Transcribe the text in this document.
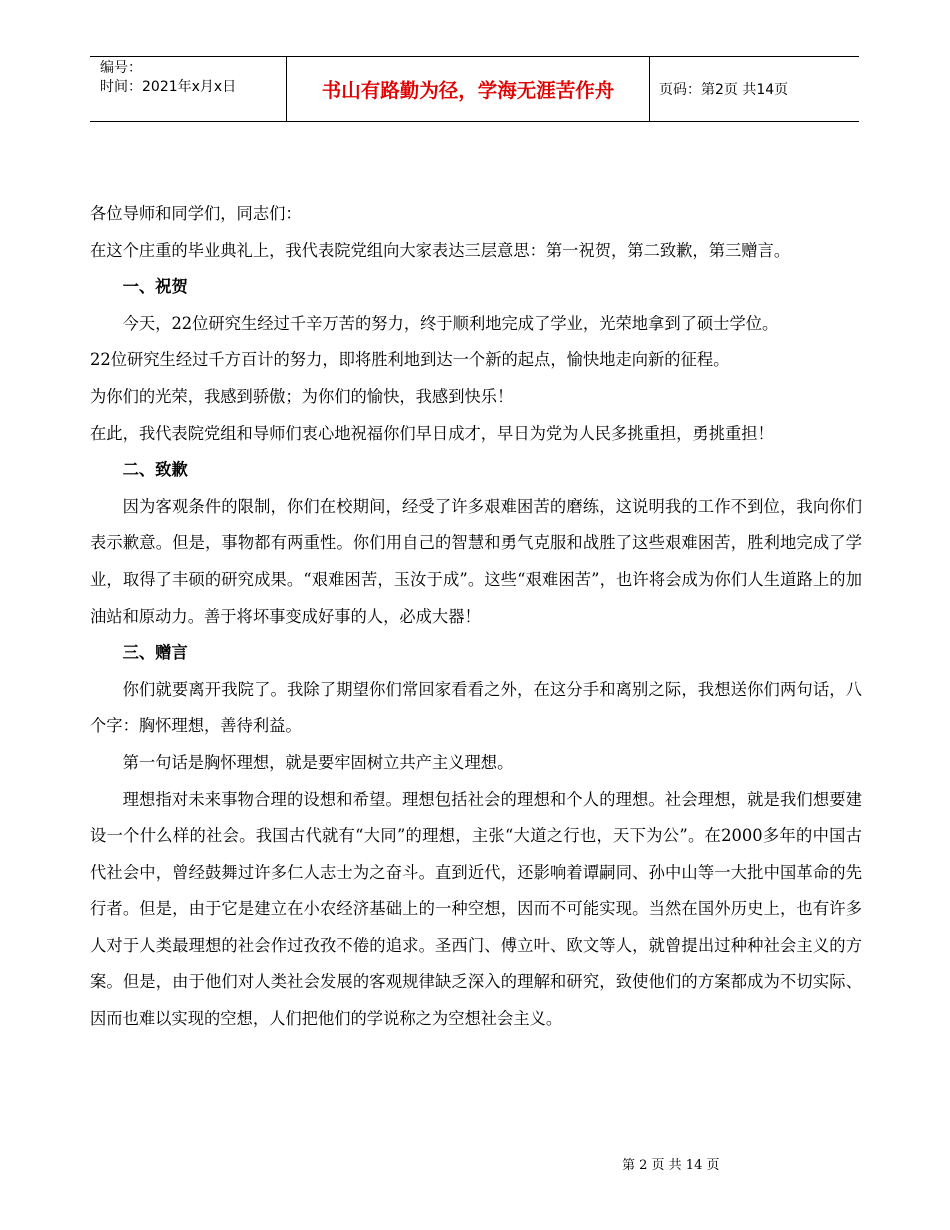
编号：
时间：2021年x月x日	书山有路勤为径，学海无涯苦作舟	页码：第2页 共14页

各位导师和同学们，同志们：

在这个庄重的毕业典礼上，我代表院党组向大家表达三层意思：第一祝贺，第二致歉，第三赠言。

一、祝贺

今天，22位研究生经过千辛万苦的努力，终于顺利地完成了学业，光荣地拿到了硕士学位。

22位研究生经过千方百计的努力，即将胜利地到达一个新的起点，愉快地走向新的征程。

为你们的光荣，我感到骄傲；为你们的愉快，我感到快乐！

在此，我代表院党组和导师们衷心地祝福你们早日成才，早日为党为人民多挑重担，勇挑重担！

二、致歉

因为客观条件的限制，你们在校期间，经受了许多艰难困苦的磨练，这说明我的工作不到位，我向你们表示歉意。但是，事物都有两重性。你们用自己的智慧和勇气克服和战胜了这些艰难困苦，胜利地完成了学业，取得了丰硕的研究成果。“艰难困苦，玉汝于成”。这些“艰难困苦”，也许将会成为你们人生道路上的加油站和原动力。善于将坏事变成好事的人，必成大器！

三、赠言

你们就要离开我院了。我除了期望你们常回家看看之外，在这分手和离别之际，我想送你们两句话，八个字：胸怀理想，善待利益。

第一句话是胸怀理想，就是要牢固树立共产主义理想。

理想指对未来事物合理的设想和希望。理想包括社会的理想和个人的理想。社会理想，就是我们想要建设一个什么样的社会。我国古代就有“大同”的理想，主张“大道之行也，天下为公”。在2000多年的中国古代社会中，曾经鼓舞过许多仁人志士为之奋斗。直到近代，还影响着谭嗣同、孙中山等一大批中国革命的先行者。但是，由于它是建立在小农经济基础上的一种空想，因而不可能实现。当然在国外历史上，也有许多人对于人类最理想的社会作过孜孜不倦的追求。圣西门、傅立叶、欧文等人，就曾提出过种种社会主义的方案。但是，由于他们对人类社会发展的客观规律缺乏深入的理解和研究，致使他们的方案都成为不切实际、因而也难以实现的空想，人们把他们的学说称之为空想社会主义。

第 2 页 共 14 页
